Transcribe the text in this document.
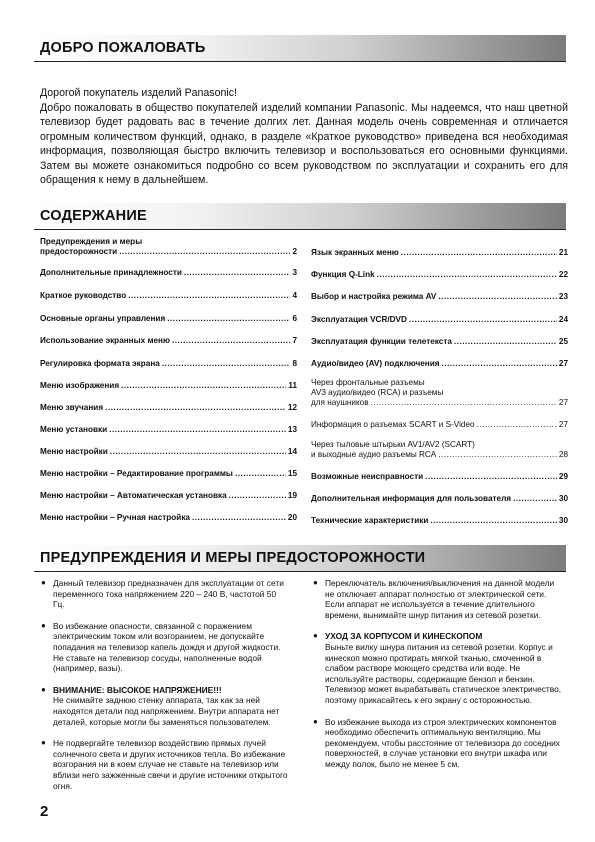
ДОБРО ПОЖАЛОВАТЬ

Дорогой покупатель изделий Panasonic!

Добро пожаловать в общество покупателей изделий компании Panasonic. Мы надеемся, что наш цветной телевизор будет радовать вас в течение долгих лет. Данная модель очень современная и отличается огромным количеством функций, однако, в разделе «Краткое руководство» приведена вся необходимая информация, позволяющая быстро включить телевизор и воспользоваться его основными функциями. Затем вы можете ознакомиться подробно со всем руководством по эксплуатации и сохранить его для обращения к нему в дальнейшем.

СОДЕРЖАНИЕ
Предупреждения и меры
предосторожности .....	2
Дополнительные принадлежности .....	3
Краткое руководство .....	4
Основные органы управления .....	6
Использование экранных меню .....	7
Регулировка формата экрана .....	8
Меню изображения .....	11
Меню звучания .....	12
Меню установки .....	13
Меню настройки .....	14
Меню настройки – Редактирование программы .....	15
Меню настройки – Автоматическая установка .....	19
Меню настройки – Ручная настройка .....	20
Язык экранных меню .....	21
Функция Q-Link .....	22
Выбор и настройка режима AV .....	23
Эксплуатация VCR/DVD .....	24
Эксплуатация функции телетекста .....	25
Аудио/видео (AV) подключения .....	27
Через фронтальные разъемы
AV3 аудио/видео (RCA) и разъемы
для наушников .....	27
Информация о разъемах SCART и S-Video .....	27
Через тыловые штырьки AV1/AV2 (SCART)
и выходные аудио разъемы RCA .....	28
Возможные неисправности .....	29
Дополнительная информация для пользователя .....	30
Технические характеристики .....	30
ПРЕДУПРЕЖДЕНИЯ И МЕРЫ ПРЕДОСТОРОЖНОСТИ
● Данный телевизор предназначен для эксплуатации от сети переменного тока напряжением 220 – 240 В, частотой 50 Гц.
● Во избежание опасности, связанной с поражением электрическим током или возгоранием, не допускайте попадания на телевизор капель дождя и другой жидкости. Не ставьте на телевизор сосуды, наполненные водой (например, вазы).
● ВНИМАНИЕ: ВЫСОКОЕ НАПРЯЖЕНИЕ!!!
Не снимайте заднюю стенку аппарата, так как за ней находятся детали под напряжением. Внутри аппарата нет деталей, которые могли бы заменяться пользователем.
● Не подвергайте телевизор воздействию прямых лучей солнечного света и других источников тепла. Во избежание возгорания ни в коем случае не ставьте на телевизор или вблизи него зажженные свечи и другие источники открытого огня.
● Переключатель включения/выключения на данной модели не отключает аппарат полностью от электрической сети. Если аппарат не используется в течение длительного времени, вынимайте шнур питания из сетевой розетки.
● УХОД ЗА КОРПУСОМ И КИНЕСКОПОМ
Выньте вилку шнура питания из сетевой розетки. Корпус и кинескоп можно протирать мягкой тканью, смоченной в слабом растворе моющего средства или воде. Не используйте растворы, содержащие бензол и бензин. Телевизор может вырабатывать статическое электричество, поэтому прикасайтесь к его экрану с осторожностью.
● Во избежание выхода из строя электрических компонентов необходимо обеспечить оптимальную вентиляцию. Мы рекомендуем, чтобы расстояние от телевизора до соседних поверхностей, в случае установки его внутри шкафа или между полок, было не менее 5 см.
2
